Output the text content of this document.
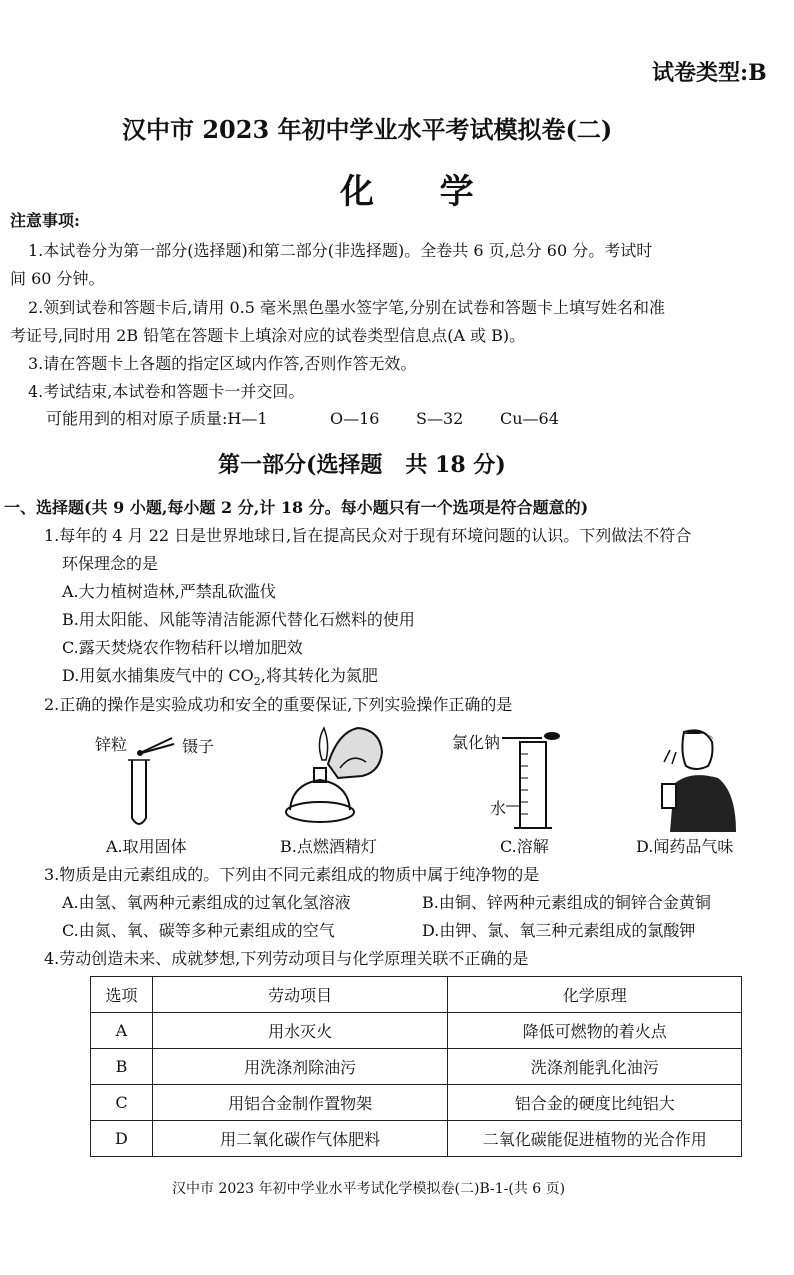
试卷类型:B
汉中市 2023 年初中学业水平考试模拟卷(二)
化  学
注意事项:
1.本试卷分为第一部分(选择题)和第二部分(非选择题)。全卷共 6 页,总分 60 分。考试时
间 60 分钟。
2.领到试卷和答题卡后,请用 0.5 毫米黑色墨水签字笔,分别在试卷和答题卡上填写姓名和准
考证号,同时用 2B 铅笔在答题卡上填涂对应的试卷类型信息点(A 或 B)。
3.请在答题卡上各题的指定区域内作答,否则作答无效。
4.考试结束,本试卷和答题卡一并交回。
可能用到的相对原子质量:H—1	O—16 S—32 Cu—64
第一部分(选择题   共 18 分)
一、选择题(共 9 小题,每小题 2 分,计 18 分。每小题只有一个选项是符合题意的)
1.每年的 4 月 22 日是世界地球日,旨在提高民众对于现有环境问题的认识。下列做法不符合
环保理念的是
A.大力植树造林,严禁乱砍滥伐
B.用太阳能、风能等清洁能源代替化石燃料的使用
C.露天焚烧农作物秸秆以增加肥效
D.用氨水捕集废气中的 $CO_2$,将其转化为氮肥
2.正确的操作是实验成功和安全的重要保证,下列实验操作正确的是
锌粒	镊子	氯化钠
水
A.取用固体	B.点燃酒精灯	C.溶解	D.闻药品气味
3.物质是由元素组成的。下列由不同元素组成的物质中属于纯净物的是
A.由氢、氧两种元素组成的过氧化氢溶液	B.由铜、锌两种元素组成的铜锌合金黄铜
C.由氮、氧、碳等多种元素组成的空气	D.由钾、氯、氧三种元素组成的氯酸钾
4.劳动创造未来、成就梦想,下列劳动项目与化学原理关联不正确的是
选项	劳动项目	化学原理
A	用水灭火	降低可燃物的着火点
B	用洗涤剂除油污	洗涤剂能乳化油污
C	用铝合金制作置物架	铝合金的硬度比纯铝大
D	用二氧化碳作气体肥料	二氧化碳能促进植物的光合作用
汉中市 2023 年初中学业水平考试化学模拟卷(二)B-1-(共 6 页)
